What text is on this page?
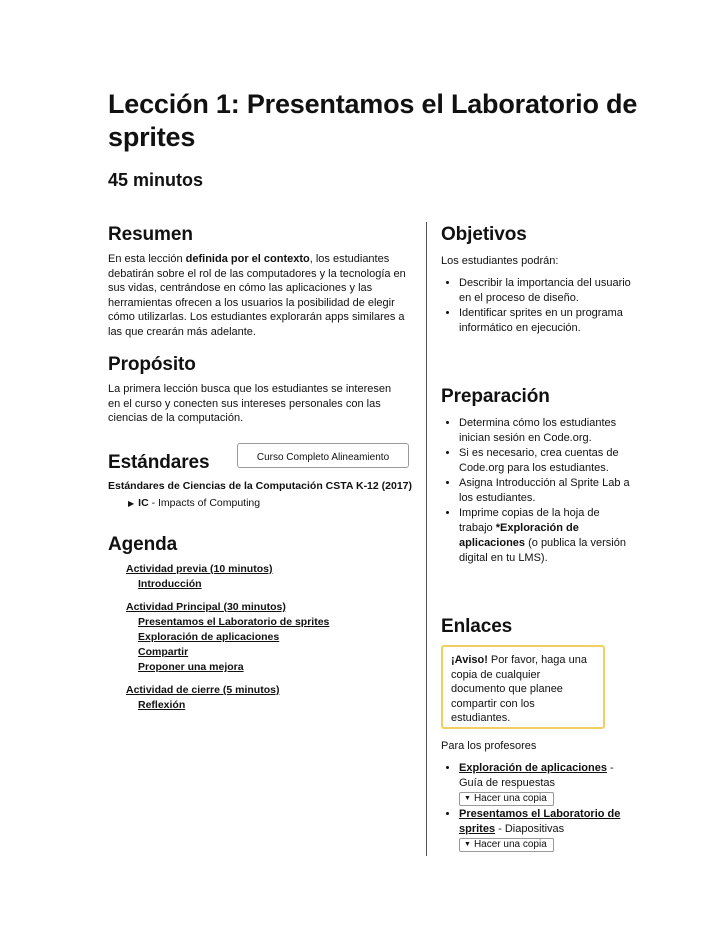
Lección 1: Presentamos el Laboratorio de sprites

45 minutos

Resumen

En esta lección definida por el contexto, los estudiantes debatirán sobre el rol de las computadores y la tecnología en sus vidas, centrándose en cómo las aplicaciones y las herramientas ofrecen a los usuarios la posibilidad de elegir cómo utilizarlas. Los estudiantes explorarán apps similares a las que crearán más adelante.

Propósito

La primera lección busca que los estudiantes se interesen en el curso y conecten sus intereses personales con las ciencias de la computación.

Estándares	Curso Completo Alineamiento
Estándares de Ciencias de la Computación CSTA K-12 (2017)
▶ IC - Impacts of Computing

Agenda

Actividad previa (10 minutos)
Introducción
Actividad Principal (30 minutos)
Presentamos el Laboratorio de sprites
Exploración de aplicaciones
Compartir
Proponer una mejora
Actividad de cierre (5 minutos)
Reflexión

Objetivos

Los estudiantes podrán:
• Describir la importancia del usuario en el proceso de diseño.
• Identificar sprites en un programa informático en ejecución.

Preparación

• Determina cómo los estudiantes inician sesión en Code.org.
• Si es necesario, crea cuentas de Code.org para los estudiantes.
• Asigna Introducción al Sprite Lab a los estudiantes.
• Imprime copias de la hoja de trabajo *Exploración de aplicaciones (o publica la versión digital en tu LMS).

Enlaces

¡Aviso! Por favor, haga una copia de cualquier documento que planee compartir con los estudiantes.
Para los profesores
• Exploración de aplicaciones - Guía de respuestas
▼ Hacer una copia
• Presentamos el Laboratorio de sprites - Diapositivas
▼ Hacer una copia
